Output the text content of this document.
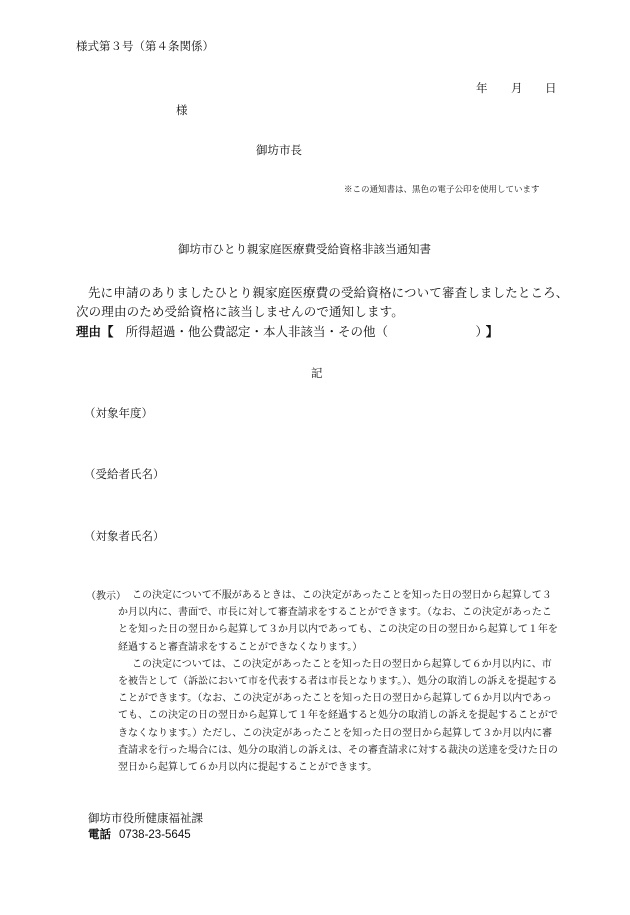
様式第３号（第４条関係）
年 月 日
様
御坊市長
※この通知書は、黒色の電子公印を使用しています
御坊市ひとり親家庭医療費受給資格非該当通知書
先に申請のありましたひとり親家庭医療費の受給資格について審査しましたところ、次の理由のため受給資格に該当しませんので通知します。
理由【 所得超過・他公費認定・本人非該当・その他（　　　　　　　） 】
記
（対象年度）
（受給者氏名）
（対象者氏名）
（教示） この決定について不服があるときは、この決定があったことを知った日の翌日から起算して３か月以内に、書面で、市長に対して審査請求をすることができます。（なお、この決定があったことを知った日の翌日から起算して３か月以内であっても、この決定の日の翌日から起算して１年を経過すると審査請求をすることができなくなります。）

この決定については、この決定があったことを知った日の翌日から起算して６か月以内に、市を被告として（訴訟において市を代表する者は市長となります。）、処分の取消しの訴えを提起することができます。（なお、この決定があったことを知った日の翌日から起算して６か月以内であっても、この決定の日の翌日から起算して１年を経過すると処分の取消しの訴えを提起することができなくなります。）ただし、この決定があったことを知った日の翌日から起算して３か月以内に審査請求を行った場合には、処分の取消しの訴えは、その審査請求に対する裁決の送達を受けた日の翌日から起算して６か月以内に提起することができます。

御坊市役所健康福祉課
電話 0738-23-5645
